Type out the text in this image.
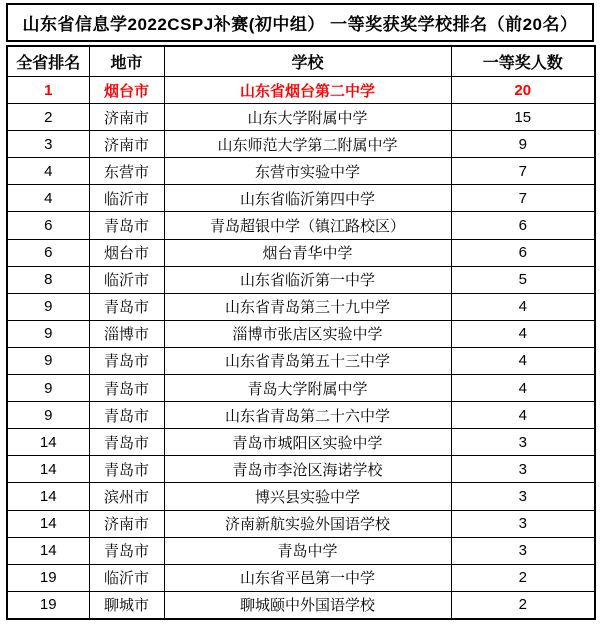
山东省信息学2022CSPJ补赛(初中组） 一等奖获奖学校排名（前20名）
全省排名	地市	学校	一等奖人数
1	烟台市	山东省烟台第二中学	20
2	济南市	山东大学附属中学	15
3	济南市	山东师范大学第二附属中学	9
4	东营市	东营市实验中学	7
4	临沂市	山东省临沂第四中学	7
6	青岛市	青岛超银中学（镇江路校区）	6
6	烟台市	烟台青华中学	6
8	临沂市	山东省临沂第一中学	5
9	青岛市	山东省青岛第三十九中学	4
9	淄博市	淄博市张店区实验中学	4
9	青岛市	山东省青岛第五十三中学	4
9	青岛市	青岛大学附属中学	4
9	青岛市	山东省青岛第二十六中学	4
14	青岛市	青岛市城阳区实验中学	3
14	青岛市	青岛市李沧区海诺学校	3
14	滨州市	博兴县实验中学	3
14	济南市	济南新航实验外国语学校	3
14	青岛市	青岛中学	3
19	临沂市	山东省平邑第一中学	2
19	聊城市	聊城颐中外国语学校	2
